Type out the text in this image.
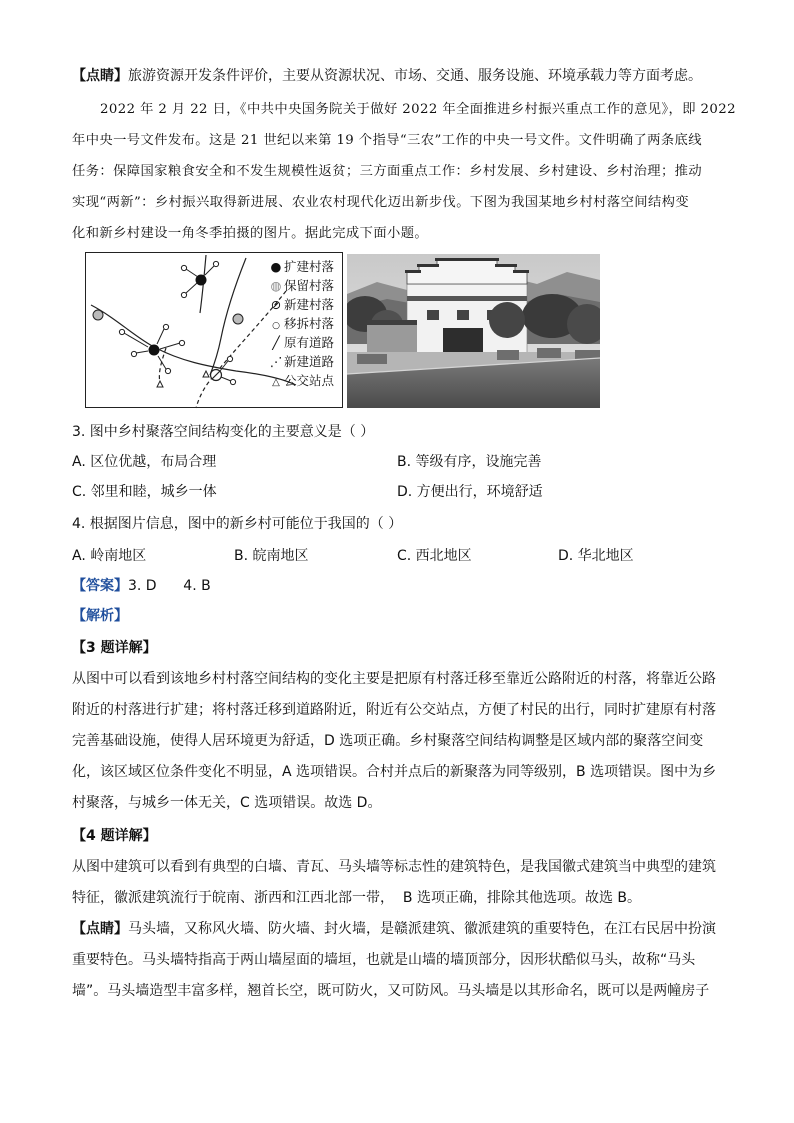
【点睛】旅游资源开发条件评价，主要从资源状况、市场、交通、服务设施、环境承载力等方面考虑。
2022 年 2 月 22 日，《中共中央国务院关于做好 2022 年全面推进乡村振兴重点工作的意见》，即 2022
年中央一号文件发布。这是 21 世纪以来第 19 个指导“三农”工作的中央一号文件。文件明确了两条底线
任务：保障国家粮食安全和不发生规模性返贫；三方面重点工作：乡村发展、乡村建设、乡村治理；推动
实现“两新”：乡村振兴取得新进展、农业农村现代化迈出新步伐。下图为我国某地乡村村落空间结构变
化和新乡村建设一角冬季拍摄的图片。据此完成下面小题。
● 扩建村落
◍ 保留村落
⊘ 新建村落
○ 移拆村落
╱ 原有道路
⋰ 新建道路
△ 公交站点
3. 图中乡村聚落空间结构变化的主要意义是（ ）
A. 区位优越，布局合理	B. 等级有序，设施完善
C. 邻里和睦，城乡一体	D. 方便出行，环境舒适
4. 根据图片信息，图中的新乡村可能位于我国的（ ）
A. 岭南地区	B. 皖南地区	C. 西北地区	D. 华北地区
【答案】3. D      4. B
【解析】
【3 题详解】
从图中可以看到该地乡村村落空间结构的变化主要是把原有村落迁移至靠近公路附近的村落，将靠近公路
附近的村落进行扩建；将村落迁移到道路附近，附近有公交站点，方便了村民的出行，同时扩建原有村落
完善基础设施，使得人居环境更为舒适，D 选项正确。乡村聚落空间结构调整是区域内部的聚落空间变
化，该区域区位条件变化不明显，A 选项错误。合村并点后的新聚落为同等级别，B 选项错误。图中为乡
村聚落，与城乡一体无关，C 选项错误。故选 D。
【4 题详解】
从图中建筑可以看到有典型的白墙、青瓦、马头墙等标志性的建筑特色，是我国徽式建筑当中典型的建筑
特征，徽派建筑流行于皖南、浙西和江西北部一带，  B 选项正确，排除其他选项。故选 B。
【点睛】马头墙，又称风火墙、防火墙、封火墙，是赣派建筑、徽派建筑的重要特色，在江右民居中扮演
重要特色。马头墙特指高于两山墙屋面的墙垣，也就是山墙的墙顶部分，因形状酷似马头，故称“马头
墙”。马头墙造型丰富多样，翘首长空，既可防火，又可防风。马头墙是以其形命名，既可以是两幢房子
